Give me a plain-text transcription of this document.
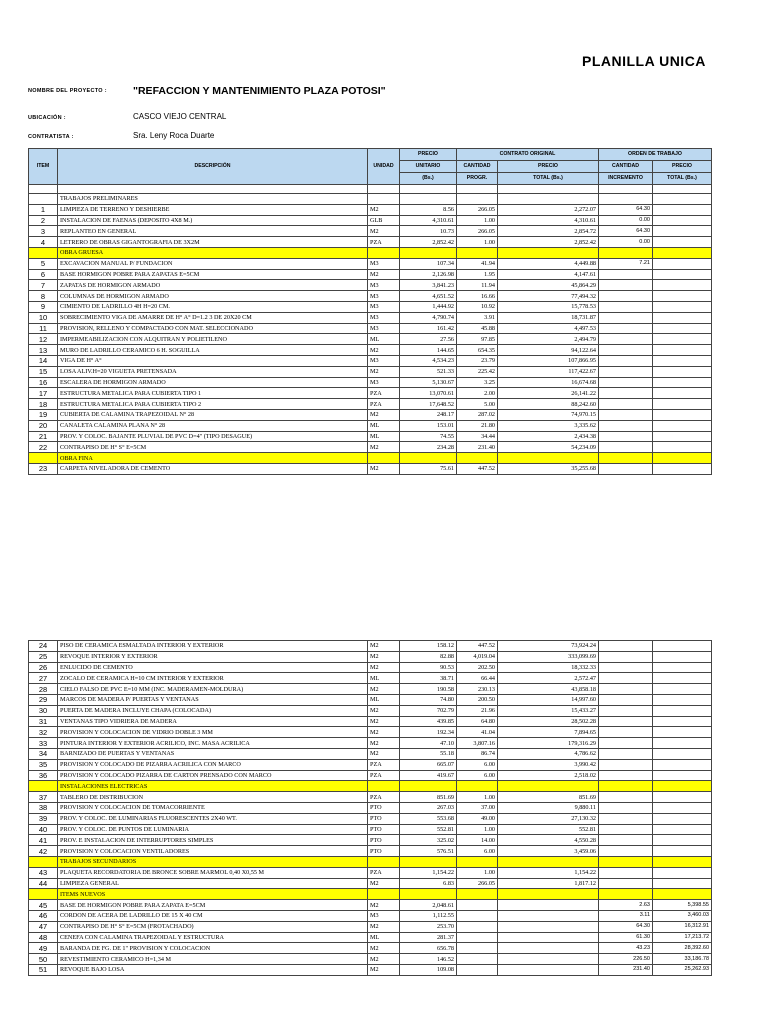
PLANILLA UNICA
NOMBRE DEL PROYECTO : "REFACCION Y MANTENIMIENTO PLAZA POTOSI"
UBICACIÓN :	CASCO VIEJO CENTRAL
CONTRATISTA :	Sra. Leny Roca Duarte
ITEM	DESCRIPCIÓN	UNIDAD	PRECIO	CONTRATO ORIGINAL		ORDEN DE TRABAJO	
			UNITARIO	CANTIDAD	PRECIO	CANTIDAD	PRECIO
			(Bs.)	PROGR.	TOTAL (Bs.)	INCREMENTO	TOTAL (Bs.)

	TRABAJOS PRELIMINARES						
1	LIMPIEZA DE TERRENO Y DESHIERBE	M2	8.56	266.05	2,272.07	64.30	
2	INSTALACION DE FAENAS (DEPOSITO 4X8 M.)	GLB	4,310.61	1.00	4,310.61	0.00	
3	REPLANTEO EN GENERAL	M2	10.73	266.05	2,854.72	64.30	
4	LETRERO DE OBRAS GIGANTOGRAFIA DE 3X2M	PZA	2,852.42	1.00	2,852.42	0.00	
	OBRA GRUESA						
5	EXCAVACION MANUAL P/ FUNDACION	M3	107.34	41.94	4,449.88	7.21	
6	BASE HORMIGON POBRE PARA ZAPATAS E=5CM	M2	2,126.98	1.95	4,147.61		
7	ZAPATAS DE HORMIGON ARMADO	M3	3,841.23	11.94	45,864.29		
8	COLUMNAS DE HORMIGON ARMADO	M3	4,651.52	16.66	77,494.32		
9	CIMIENTO DE LADRILLO 4H H=20 CM.	M3	1,444.92	10.92	15,778.53		
10	SOBRECIMIENTO VIGA DE AMARRE DE H° A° D=1.2 3 DE 20X20 CM	M3	4,790.74	3.91	18,731.87		
11	PROVISION, RELLENO Y COMPACTADO CON MAT. SELECCIONADO	M3	161.42	45.88	4,497.53		
12	IMPERMEABILIZACION CON ALQUITRAN Y POLIETILENO	ML	27.56	97.85	2,494.79		
13	MURO DE LADRILLO CERAMICO 6 H. SOGUILLA	M2	144.65	654.35	94,122.64		
14	VIGA DE H° A°	M3	4,534.23	23.79	107,866.95		
15	LOSA ALIV.H=20 VIGUETA PRETENSADA	M2	521.33	225.42	117,422.67		
16	ESCALERA DE HORMIGON ARMADO	M3	5,130.67	3.25	16,674.68		
17	ESTRUCTURA METALICA PARA CUBIERTA TIPO 1	PZA	13,070.61	2.00	26,141.22		
18	ESTRUCTURA METALICA PARA CUBIERTA TIPO 2	PZA	17,648.52	5.00	88,242.60		
19	CUBIERTA DE CALAMINA TRAPEZOIDAL N° 28	M2	248.17	287.02	74,970.15		
20	CANALETA CALAMINA PLANA N° 28	ML	153.01	21.80	3,335.62		
21	PROV. Y COLOC. BAJANTE PLUVIAL DE PVC D=4" (TIPO DESAGUE)	ML	74.55	34.44	2,434.38		
22	CONTRAPISO DE H° S° E=5CM	M2	234.28	231.40	54,234.09		
	OBRA FINA						
23	CARPETA NIVELADORA DE CEMENTO	M2	75.61	447.52	35,255.68		
24	PISO DE CERAMICA ESMALTADA INTERIOR Y EXTERIOR	M2	158.12	447.52	73,924.24		
25	REVOQUE INTERIOR Y EXTERIOR	M2	82.88	4,019.04	333,099.69		
26	ENLUCIDO DE CEMENTO	M2	90.53	202.50	18,332.33		
27	ZOCALO DE CERAMICA H=10 CM INTERIOR Y EXTERIOR	ML	38.71	66.44	2,572.47		
28	CIELO FALSO DE PVC E=10 MM (INC. MADERAMEN-MOLDURA)	M2	190.58	230.13	43,858.18		
29	MARCOS DE MADERA P/ PUERTAS Y VENTANAS	ML	74.80	200.50	14,997.60		
30	PUERTA DE MADERA INCLUYE CHAPA (COLOCADA)	M2	702.79	21.96	15,433.27		
31	VENTANAS TIPO VIDRIERA DE MADERA	M2	439.85	64.80	28,502.28		
32	PROVISION Y COLOCACION DE VIDRIO DOBLE 3 MM	M2	192.34	41.04	7,894.65		
33	PINTURA INTERIOR Y EXTERIOR ACRILICO, INC. MASA ACRILICA	M2	47.10	3,807.16	179,316.29		
34	BARNIZADO DE PUERTAS Y VENTANAS	M2	55.18	86.74	4,786.62		
35	PROVISION Y COLOCADO DE PIZARRA ACRILICA CON MARCO	PZA	665.07	6.00	3,990.42		
36	PROVISION Y COLOCADO PIZARRA DE CARTON PRENSADO CON MARCO	PZA	419.67	6.00	2,518.02		
	INSTALACIONES ELECTRICAS						
37	TABLERO DE DISTRIBUCION	PZA	851.69	1.00	851.69		
38	PROVISION Y COLOCACION DE TOMACORRIENTE	PTO	267.03	37.00	9,880.11		
39	PROV. Y COLOC. DE LUMINARIAS FLUORESCENTES 2X40 WT.	PTO	553.68	49.00	27,130.32		
40	PROV. Y COLOC. DE PUNTOS DE LUMINARIA	PTO	552.81	1.00	552.81		
41	PROV. E INSTALACION DE INTERRUPTORES SIMPLES	PTO	325.02	14.00	4,550.28		
42	PROVISION Y COLOCACION VENTILADORES	PTO	576.51	6.00	3,459.06		
	TRABAJOS SECUNDARIOS						
43	PLAQUETA RECORDATORIA DE BRONCE SOBRE MARMOL 0,40 X0,55 M	PZA	1,154.22	1.00	1,154.22		
44	LIMPIEZA GENERAL	M2	6.83	266.05	1,817.12		
	ITEMS NUEVOS						
45	BASE DE HORMIGON POBRE PARA ZAPATA E=5CM	M2	2,048.61			2.63	5,398.55
46	CORDON DE ACERA DE LADRILLO DE 15 X 40 CM	M3	1,112.55			3.11	3,460.03
47	CONTRAPISO DE H° S° E=5CM (FROTACHADO)	M2	253.70			64.30	16,312.91
48	CENEFA CON CALAMINA TRAPEZOIDAL Y ESTRUCTURA	ML	281.37			61.30	17,213.72
49	BARANDA DE FG. DE 1" PROVISION Y COLOCACION	M2	656.78			43.23	28,392.60
50	REVESTIMIENTO CERAMICO H=1,34 M	M2	146.52			226.50	33,186.78
51	REVOQUE BAJO LOSA	M2	109.08			231.40	25,262.93
